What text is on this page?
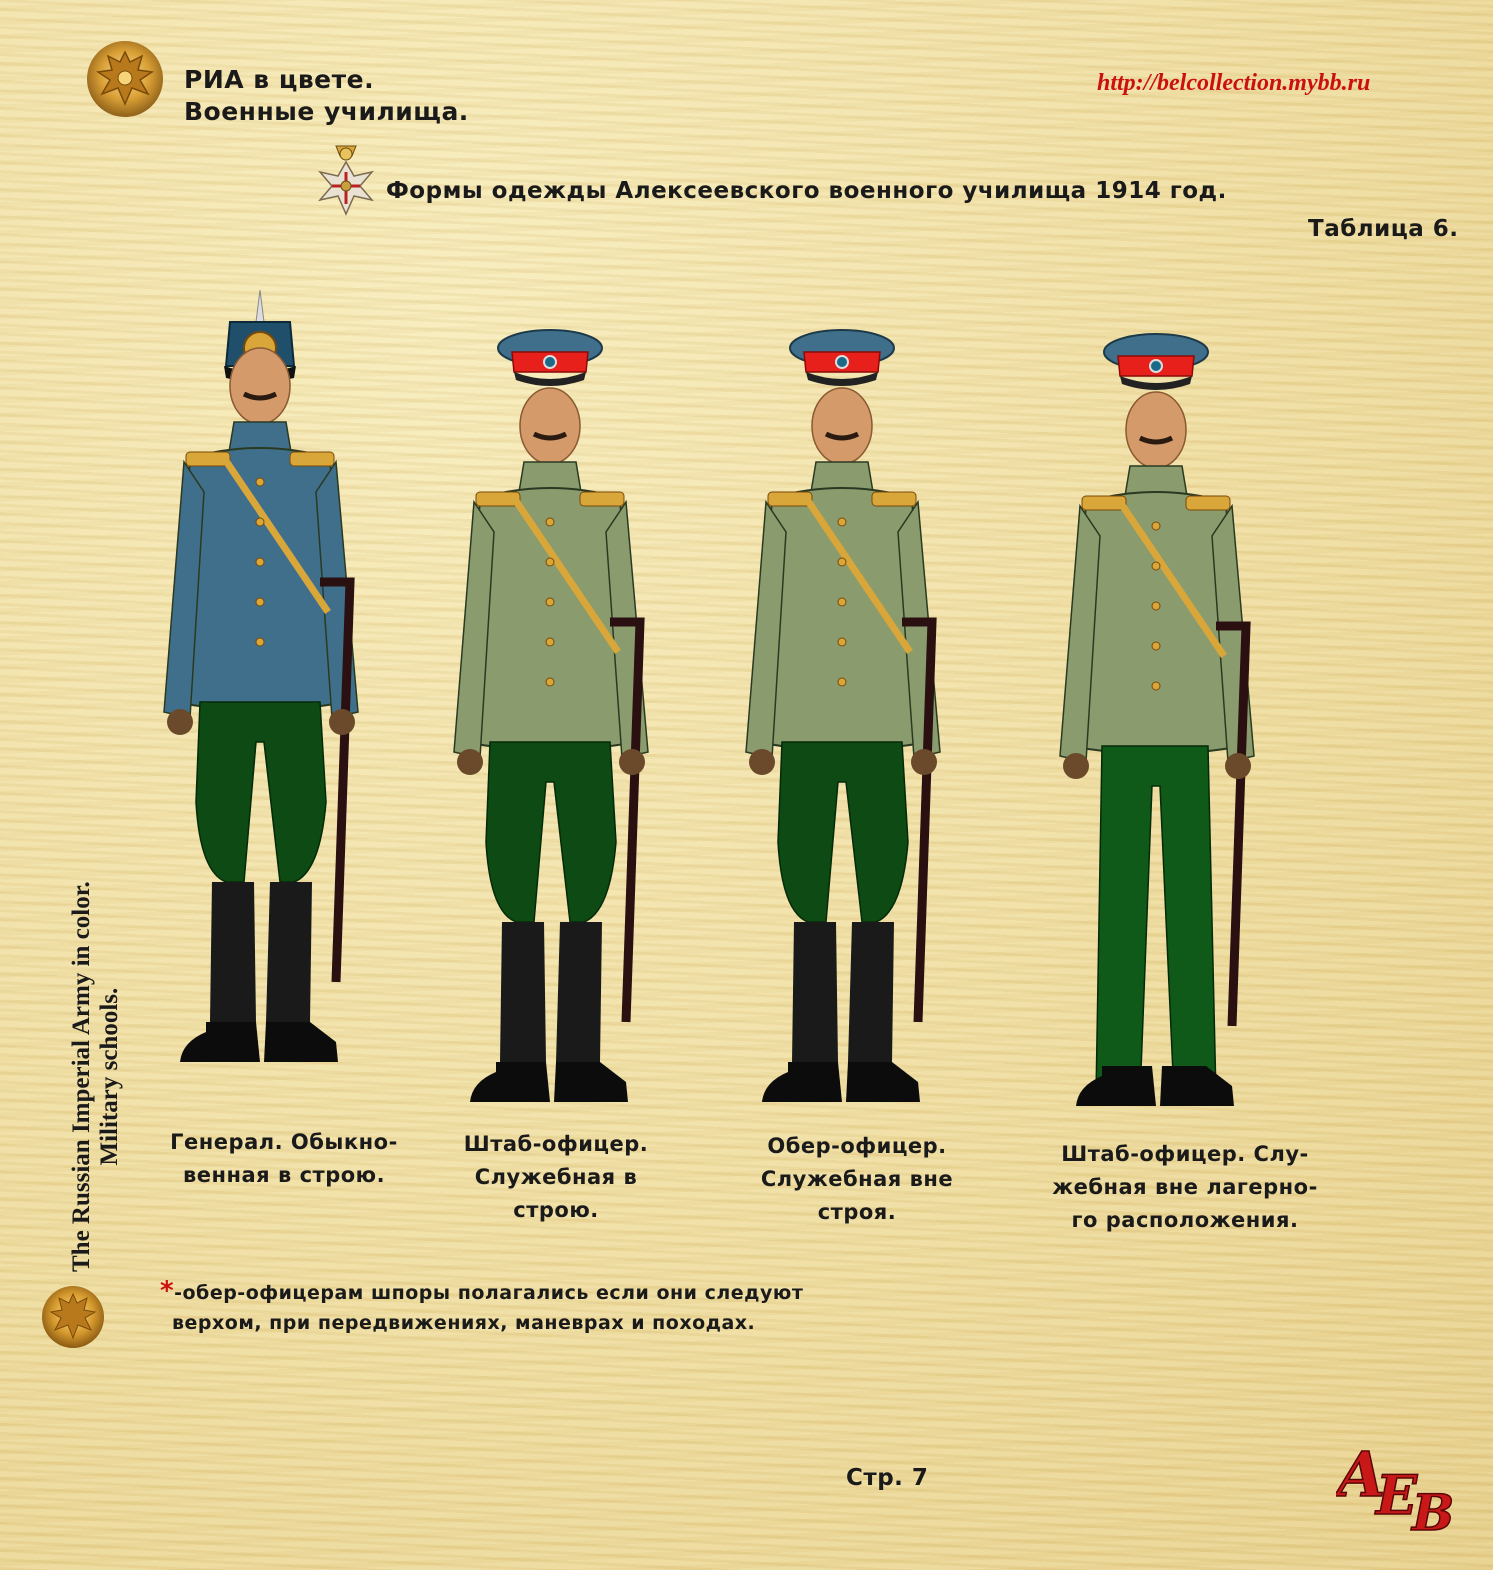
РИА в цвете.
Военные училища.
http://belcollection.mybb.ru
Формы одежды Алексеевского военного училища 1914 год.
Таблица 6.
The Russian Imperial Army in color. Military schools. Генерал. Обыкно-
венная в строю.
Штаб-офицер.
Служебная в
строю.
Обер-офицер.
Служебная вне
строя.
Штаб-офицер. Слу-
жебная вне лагерно-
го расположения.
*-обер-офицерам шпоры полагались если они следуют
верхом, при передвижениях, маневрах и походах.
Стр. 7	А
Е
В
